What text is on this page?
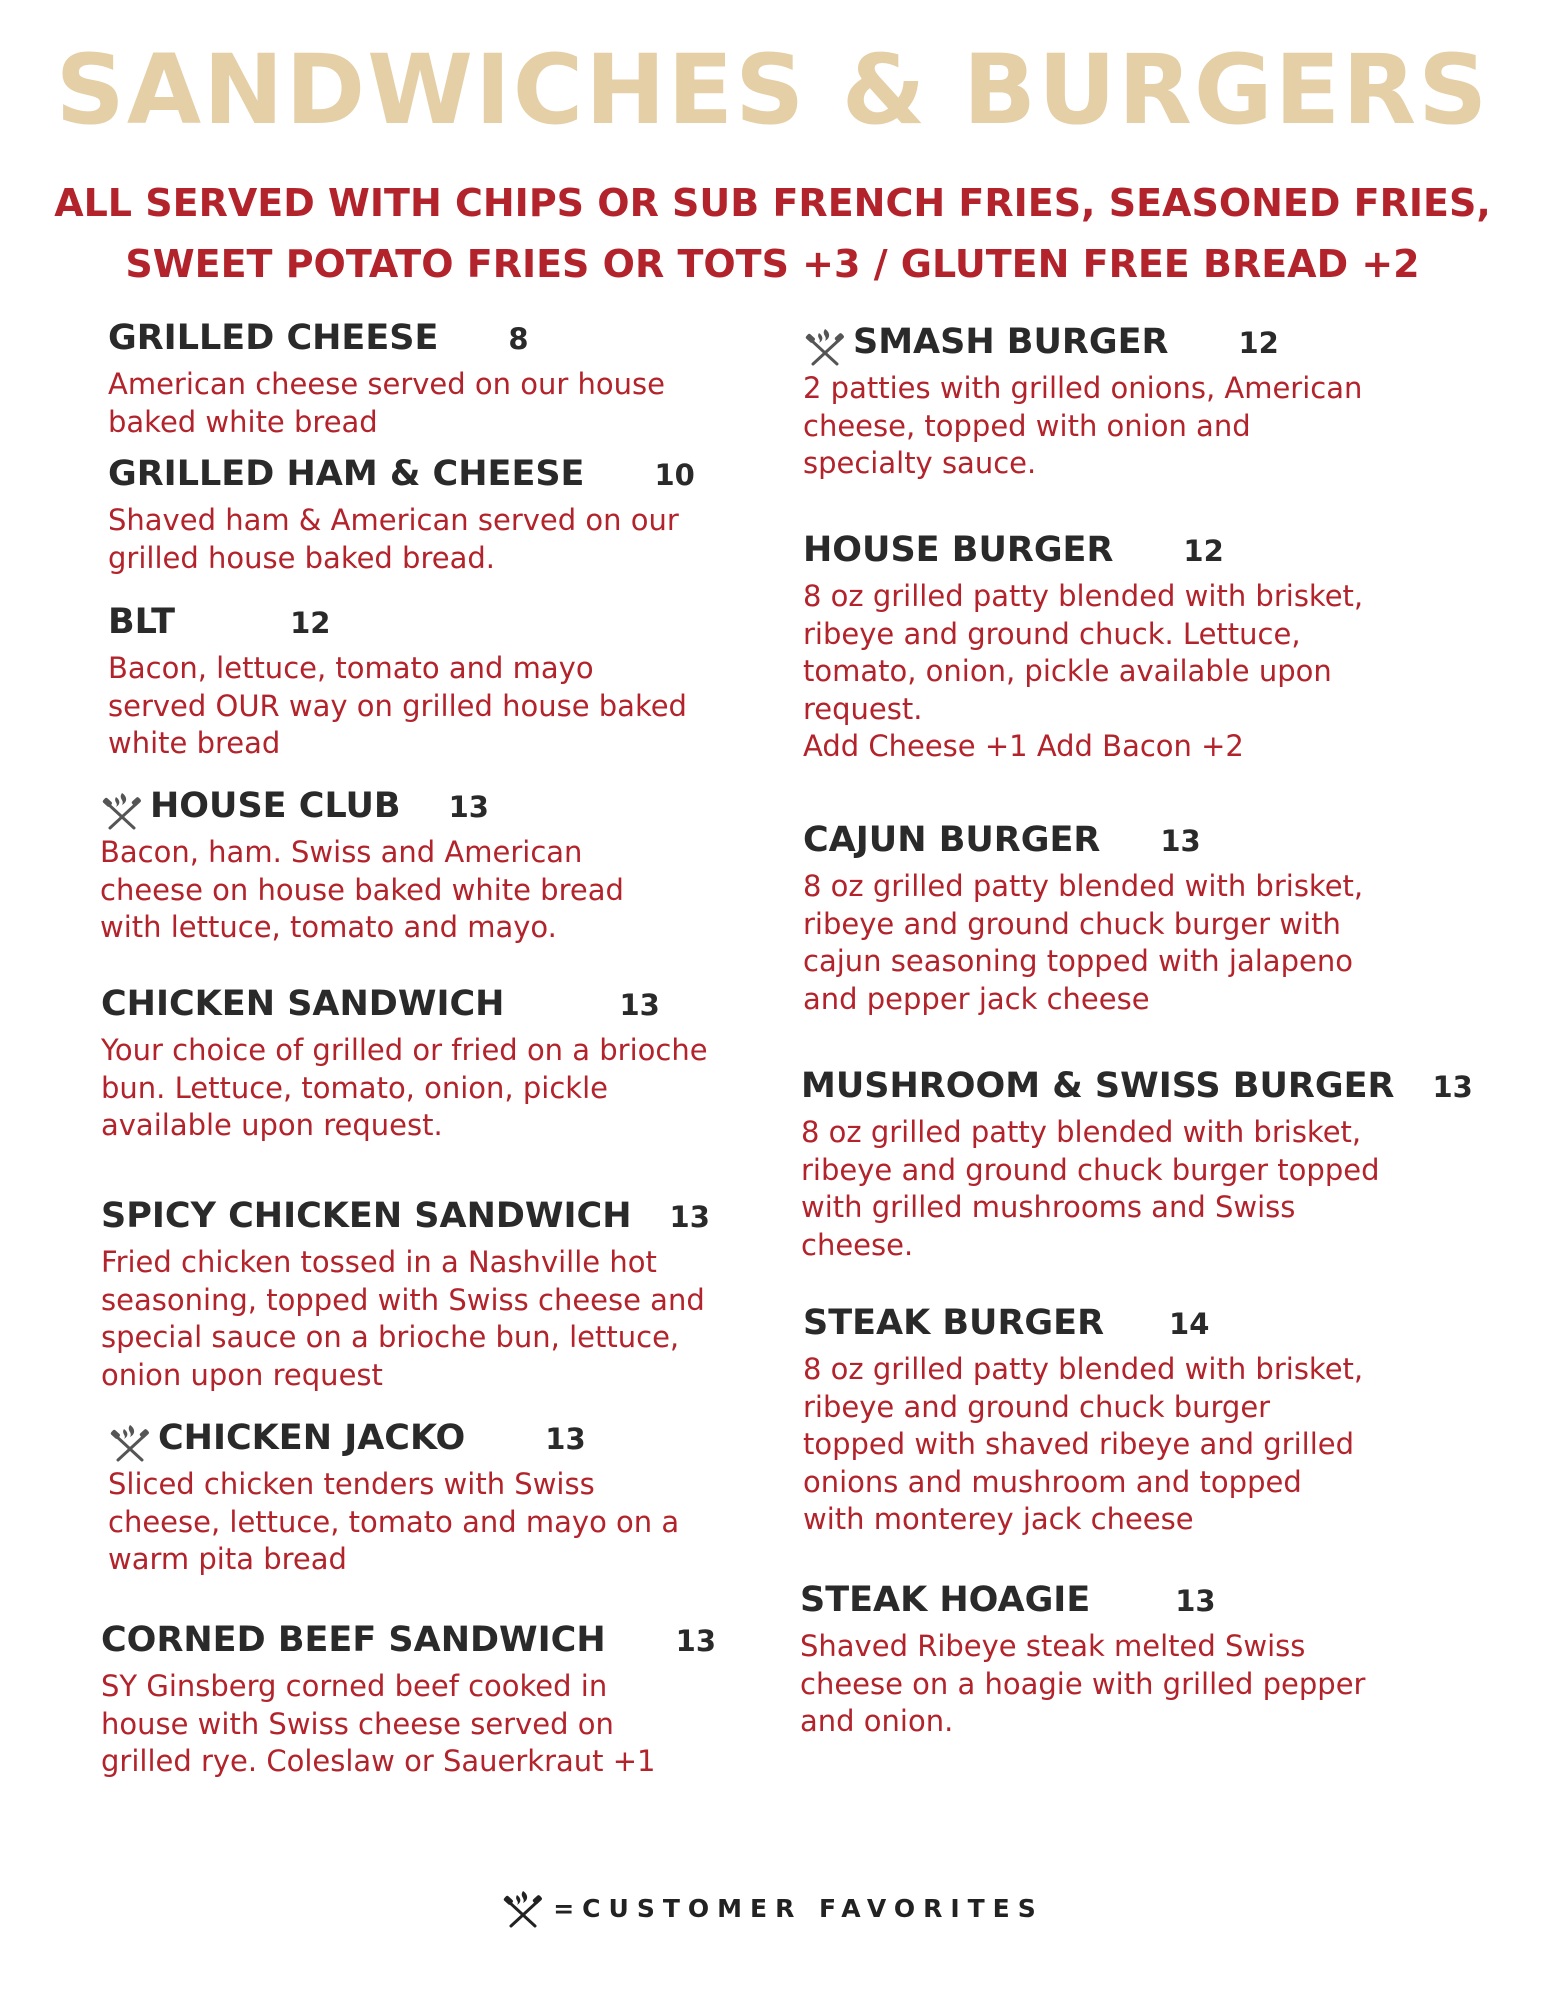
SANDWICHES & BURGERS
ALL SERVED WITH CHIPS OR SUB FRENCH FRIES, SEASONED FRIES,
SWEET POTATO FRIES OR TOTS +3 / GLUTEN FREE BREAD +2
GRILLED CHEESE 8

American cheese served on our house

baked white bread

GRILLED HAM & CHEESE 10

Shaved ham & American served on our

grilled house baked bread.

BLT	12

Bacon, lettuce, tomato and mayo

served OUR way on grilled house baked

white bread

HOUSE CLUB 13

Bacon, ham. Swiss and American

cheese on house baked white bread

with lettuce, tomato and mayo.

CHICKEN SANDWICH	13

Your choice of grilled or fried on a brioche

bun. Lettuce, tomato, onion, pickle

available upon request.

SPICY CHICKEN SANDWICH 13

Fried chicken tossed in a Nashville hot

seasoning, topped with Swiss cheese and

special sauce on a brioche bun, lettuce,

onion upon request

CHICKEN JACKO	13

Sliced chicken tenders with Swiss

cheese, lettuce, tomato and mayo on a

warm pita bread

CORNED BEEF SANDWICH 13

SY Ginsberg corned beef cooked in

house with Swiss cheese served on

grilled rye. Coleslaw or Sauerkraut +1

SMASH BURGER 12

2 patties with grilled onions, American

cheese, topped with onion and

specialty sauce.

HOUSE BURGER 12

8 oz grilled patty blended with brisket,

ribeye and ground chuck. Lettuce,

tomato, onion, pickle available upon

request.

Add Cheese +1 Add Bacon +2

CAJUN BURGER 13

8 oz grilled patty blended with brisket,

ribeye and ground chuck burger with

cajun seasoning topped with jalapeno

and pepper jack cheese

MUSHROOM & SWISS BURGER 13

8 oz grilled patty blended with brisket,

ribeye and ground chuck burger topped

with grilled mushrooms and Swiss

cheese.

STEAK BURGER 14

8 oz grilled patty blended with brisket,

ribeye and ground chuck burger

topped with shaved ribeye and grilled

onions and mushroom and topped

with monterey jack cheese

STEAK HOAGIE	13

Shaved Ribeye steak melted Swiss

cheese on a hoagie with grilled pepper

and onion.

=CUSTOMER FAVORITES
